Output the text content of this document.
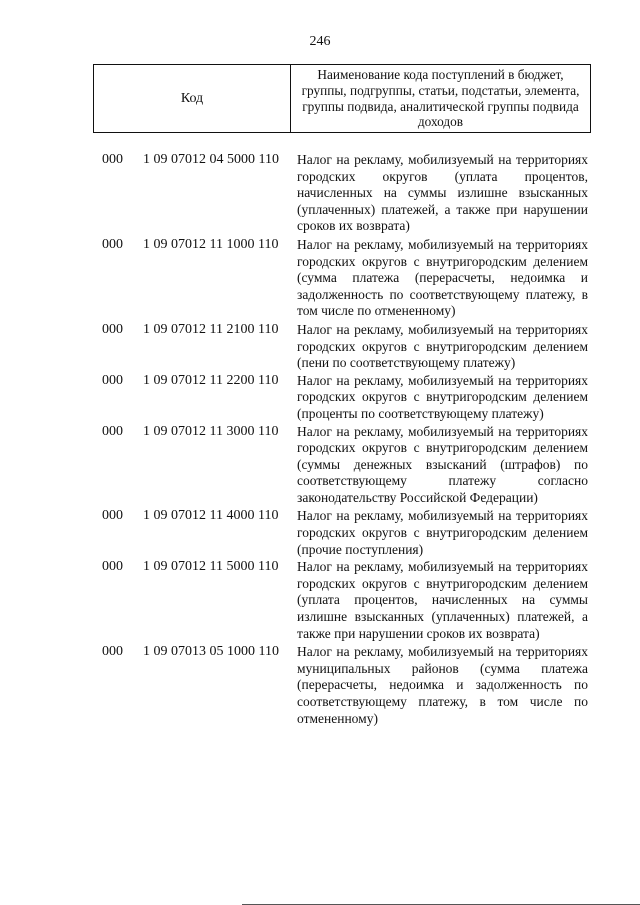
246
Код
Наименование кода поступлений в бюджет, группы, подгруппы, статьи, подстатьи, элемента, группы подвида, аналитической группы подвида доходов
000 1 09 07012 04 5000 110 Налог на рекламу, мобилизуемый на территориях городских округов (уплата процентов, начисленных на суммы излишне взысканных (уплаченных) платежей, а также при нарушении сроков их возврата)
000 1 09 07012 11 1000 110 Налог на рекламу, мобилизуемый на территориях городских округов с внутригородским делением (сумма платежа (перерасчеты, недоимка и задолженность по соответствующему платежу, в том числе по отмененному)
000 1 09 07012 11 2100 110 Налог на рекламу, мобилизуемый на территориях городских округов с внутригородским делением (пени по соответствующему платежу)
000 1 09 07012 11 2200 110 Налог на рекламу, мобилизуемый на территориях городских округов с внутригородским делением (проценты по соответствующему платежу)
000 1 09 07012 11 3000 110 Налог на рекламу, мобилизуемый на территориях городских округов с внутригородским делением (суммы денежных взысканий (штрафов) по соответствующему платежу согласно законодательству Российской Федерации)
000 1 09 07012 11 4000 110 Налог на рекламу, мобилизуемый на территориях городских округов с внутригородским делением (прочие поступления)
000 1 09 07012 11 5000 110 Налог на рекламу, мобилизуемый на территориях городских округов с внутригородским делением (уплата процентов, начисленных на суммы излишне взысканных (уплаченных) платежей, а также при нарушении сроков их возврата)
000 1 09 07013 05 1000 110 Налог на рекламу, мобилизуемый на территориях муниципальных районов (сумма платежа (перерасчеты, недоимка и задолженность по соответствующему платежу, в том числе по отмененному)
